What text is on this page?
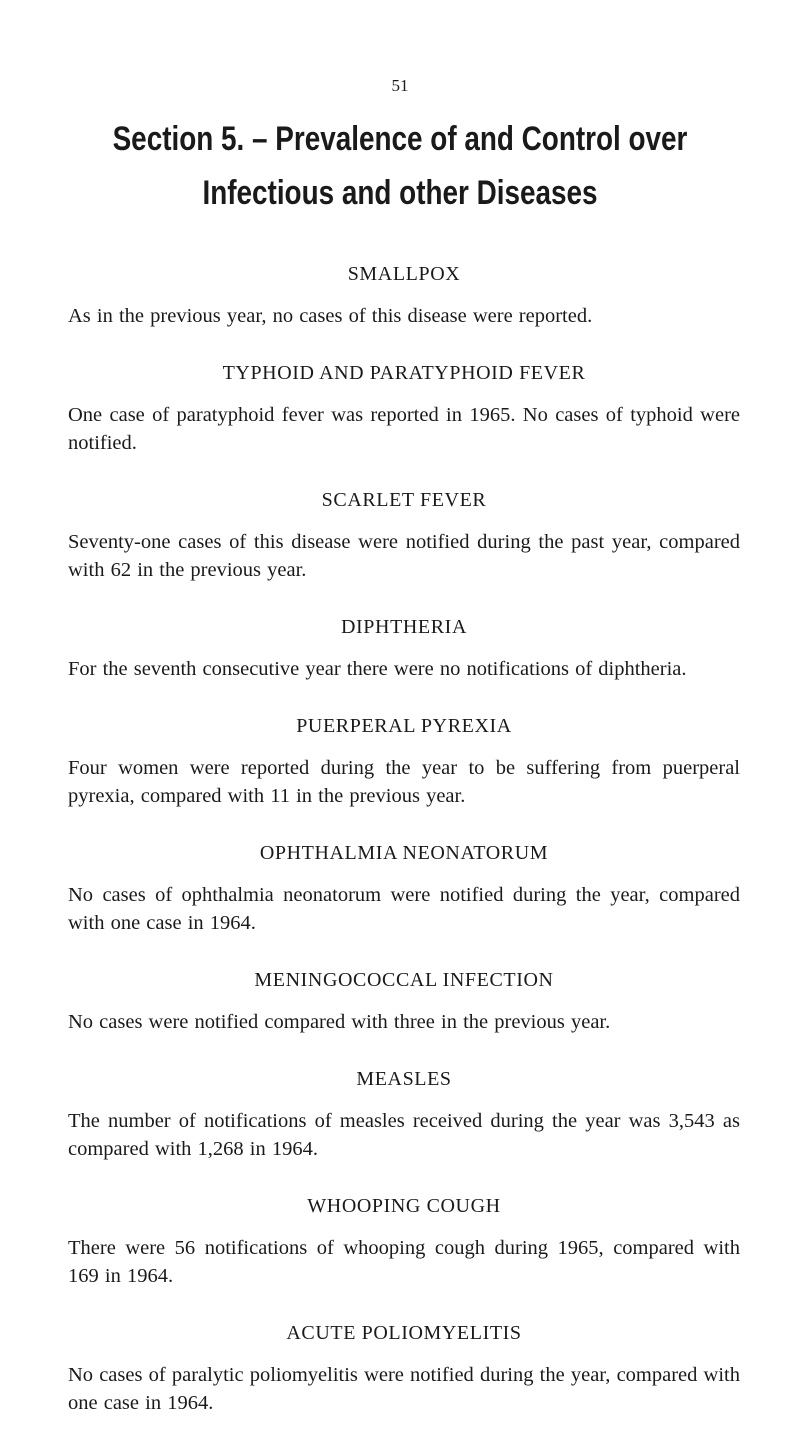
51
Section 5. – Prevalence of and Control over
Infectious and other Diseases
SMALLPOX

As in the previous year, no cases of this disease were reported.

TYPHOID AND PARATYPHOID FEVER

One case of paratyphoid fever was reported in 1965. No cases of typhoid were notified.

SCARLET FEVER

Seventy-one cases of this disease were notified during the past year, compared with 62 in the previous year.

DIPHTHERIA

For the seventh consecutive year there were no notifications of diphtheria.

PUERPERAL PYREXIA

Four women were reported during the year to be suffering from puerperal pyrexia, compared with 11 in the previous year.

OPHTHALMIA NEONATORUM

No cases of ophthalmia neonatorum were notified during the year, compared with one case in 1964.

MENINGOCOCCAL INFECTION

No cases were notified compared with three in the previous year.

MEASLES

The number of notifications of measles received during the year was 3,543 as compared with 1,268 in 1964.

WHOOPING COUGH

There were 56 notifications of whooping cough during 1965, compared with 169 in 1964.

ACUTE POLIOMYELITIS

No cases of paralytic poliomyelitis were notified during the year, compared with one case in 1964.
